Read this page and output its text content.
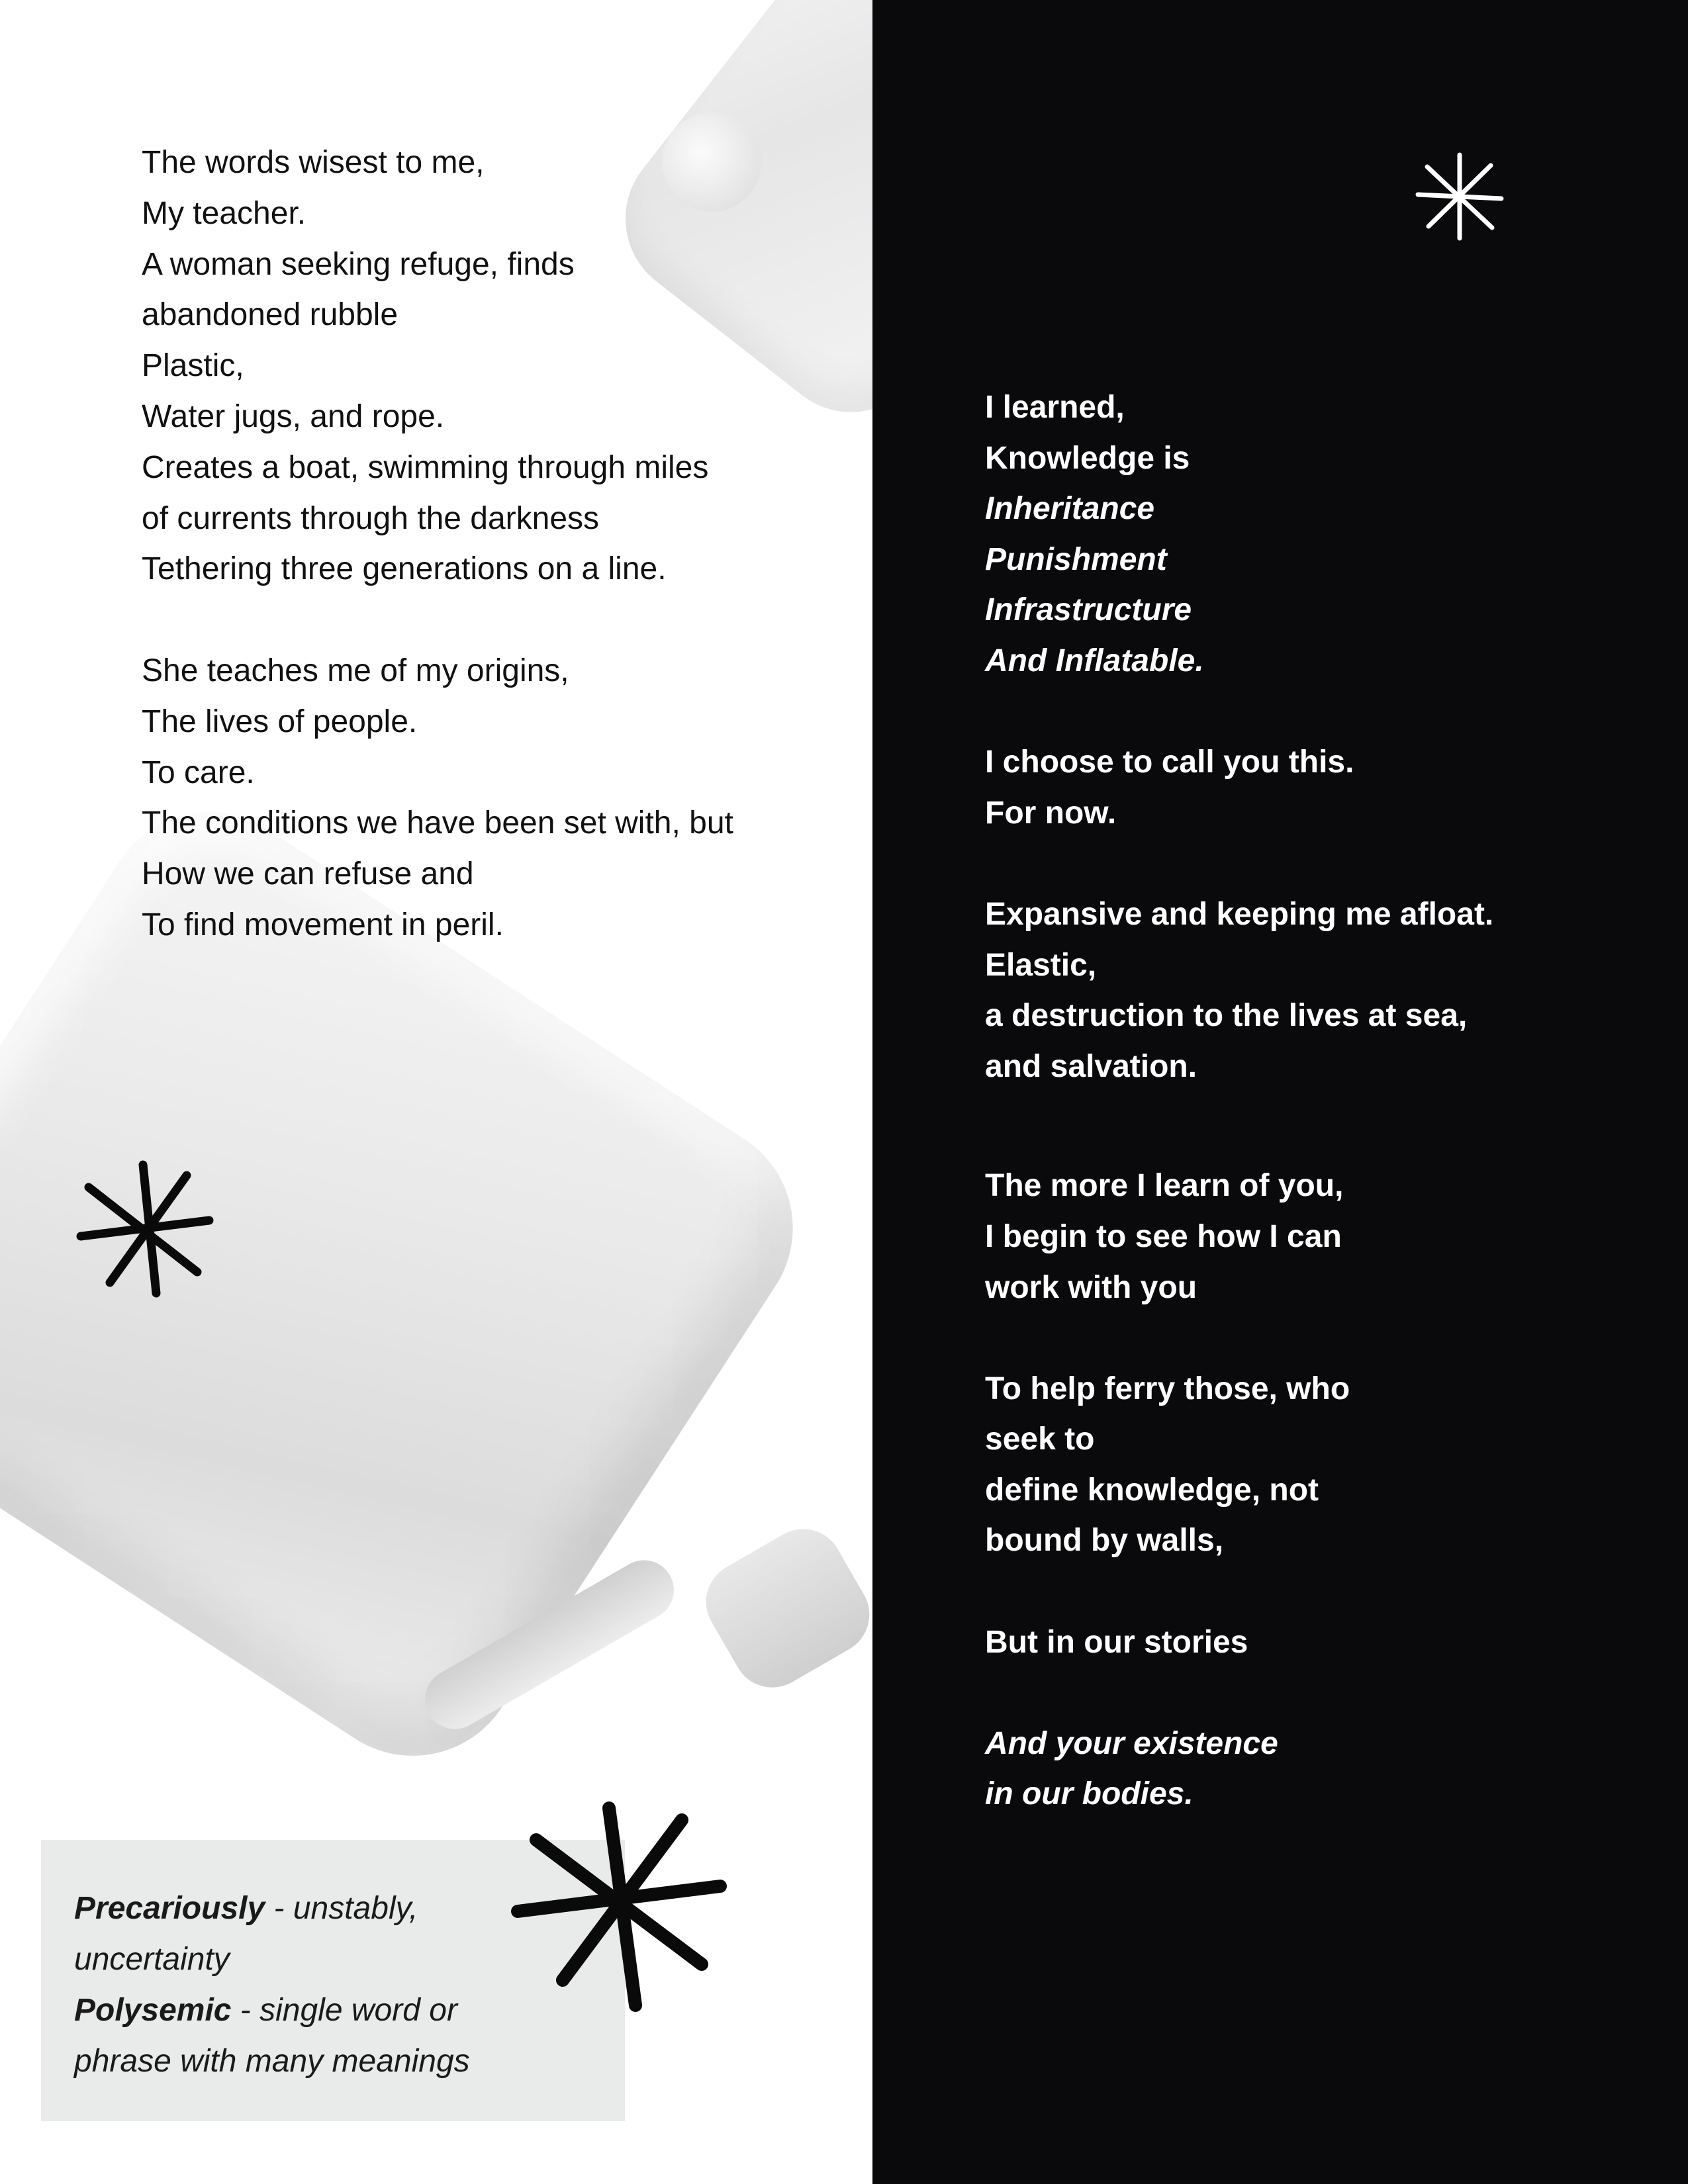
The words wisest to me,
My teacher.
A woman seeking refuge, finds
abandoned rubble
Plastic,
Water jugs, and rope.
Creates a boat, swimming through miles
of currents through the darkness
Tethering three generations on a line.
She teaches me of my origins,
The lives of people.
To care.
The conditions we have been set with, but
How we can refuse and
To find movement in peril.
I learned,
Knowledge is
Inheritance
Punishment
Infrastructure
And Inflatable.
I choose to call you this.
For now.
Expansive and keeping me afloat.
Elastic,
a destruction to the lives at sea,
and salvation.
The more I learn of you,
I begin to see how I can
work with you
To help ferry those, who
seek to
define knowledge, not
bound by walls,
But in our stories
And your existence
in our bodies.
Precariously - unstably,
uncertainty
Polysemic - single word or
phrase with many meanings
